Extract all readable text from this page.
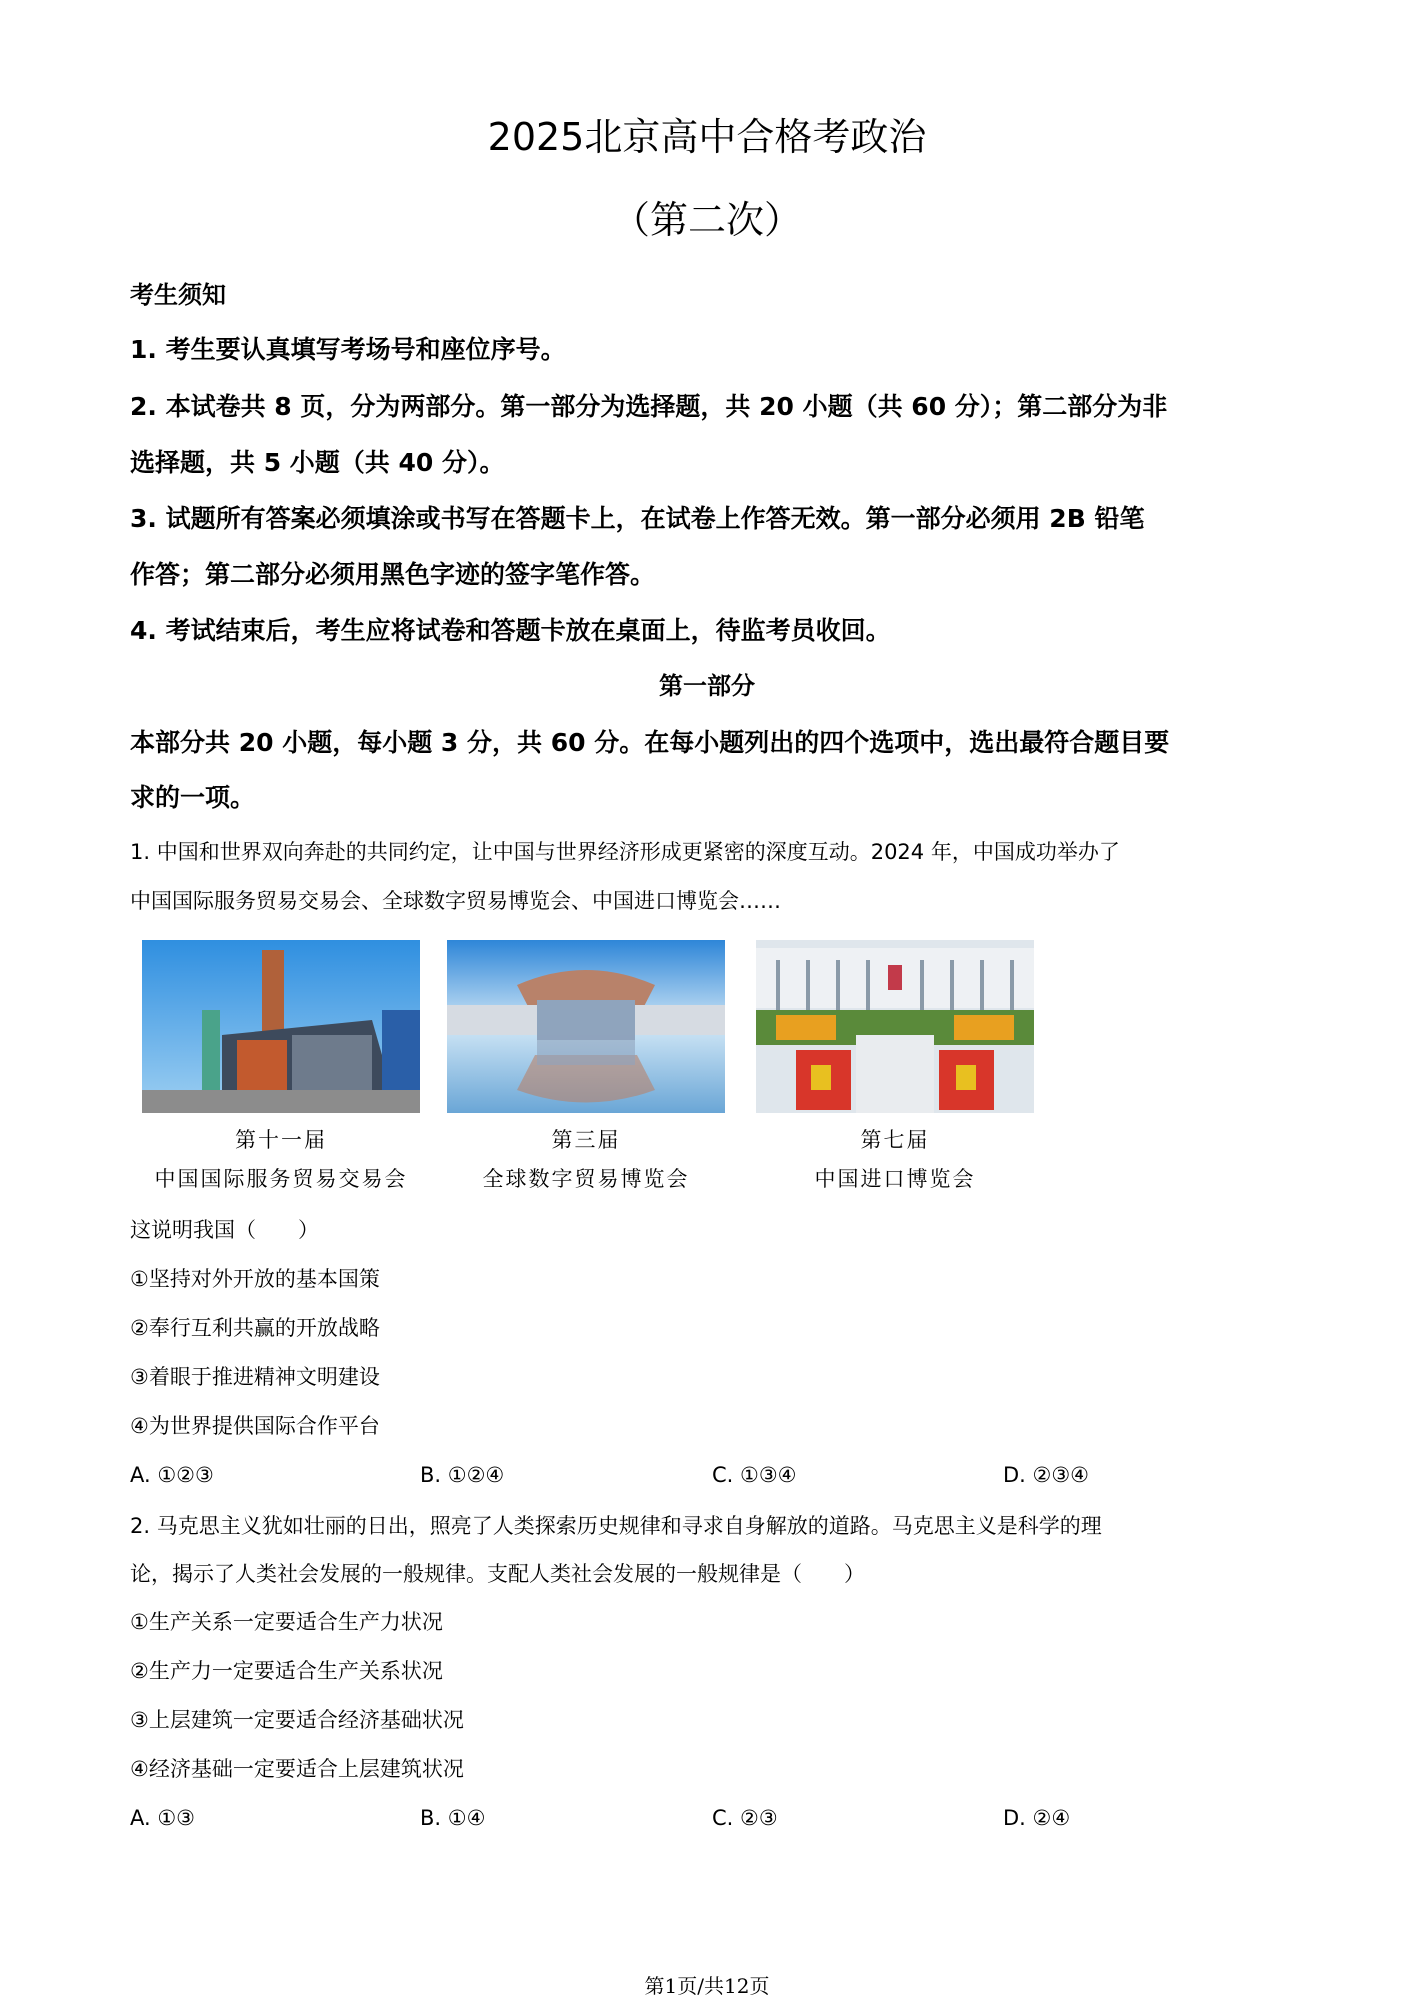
2025北京高中合格考政治
（第二次）
考生须知
1. 考生要认真填写考场号和座位序号。
2. 本试卷共 8 页，分为两部分。第一部分为选择题，共 20 小题（共 60 分）；第二部分为非
选择题，共 5 小题（共 40 分）。
3. 试题所有答案必须填涂或书写在答题卡上，在试卷上作答无效。第一部分必须用 2B 铅笔
作答；第二部分必须用黑色字迹的签字笔作答。
4. 考试结束后，考生应将试卷和答题卡放在桌面上，待监考员收回。
第一部分
本部分共 20 小题，每小题 3 分，共 60 分。在每小题列出的四个选项中，选出最符合题目要
求的一项。
1. 中国和世界双向奔赴的共同约定，让中国与世界经济形成更紧密的深度互动。2024 年，中国成功举办了
中国国际服务贸易交易会、全球数字贸易博览会、中国进口博览会……
第十一届
中国国际服务贸易交易会
第三届
全球数字贸易博览会
第七届
中国进口博览会
这说明我国（　　）
①坚持对外开放的基本国策
②奉行互利共赢的开放战略
③着眼于推进精神文明建设
④为世界提供国际合作平台
A. ①②③	B. ①②④	C. ①③④	D. ②③④
2. 马克思主义犹如壮丽的日出，照亮了人类探索历史规律和寻求自身解放的道路。马克思主义是科学的理
论，揭示了人类社会发展的一般规律。支配人类社会发展的一般规律是（　　）
①生产关系一定要适合生产力状况
②生产力一定要适合生产关系状况
③上层建筑一定要适合经济基础状况
④经济基础一定要适合上层建筑状况
A. ①③	B. ①④	C. ②③	D. ②④
第1页/共12页
